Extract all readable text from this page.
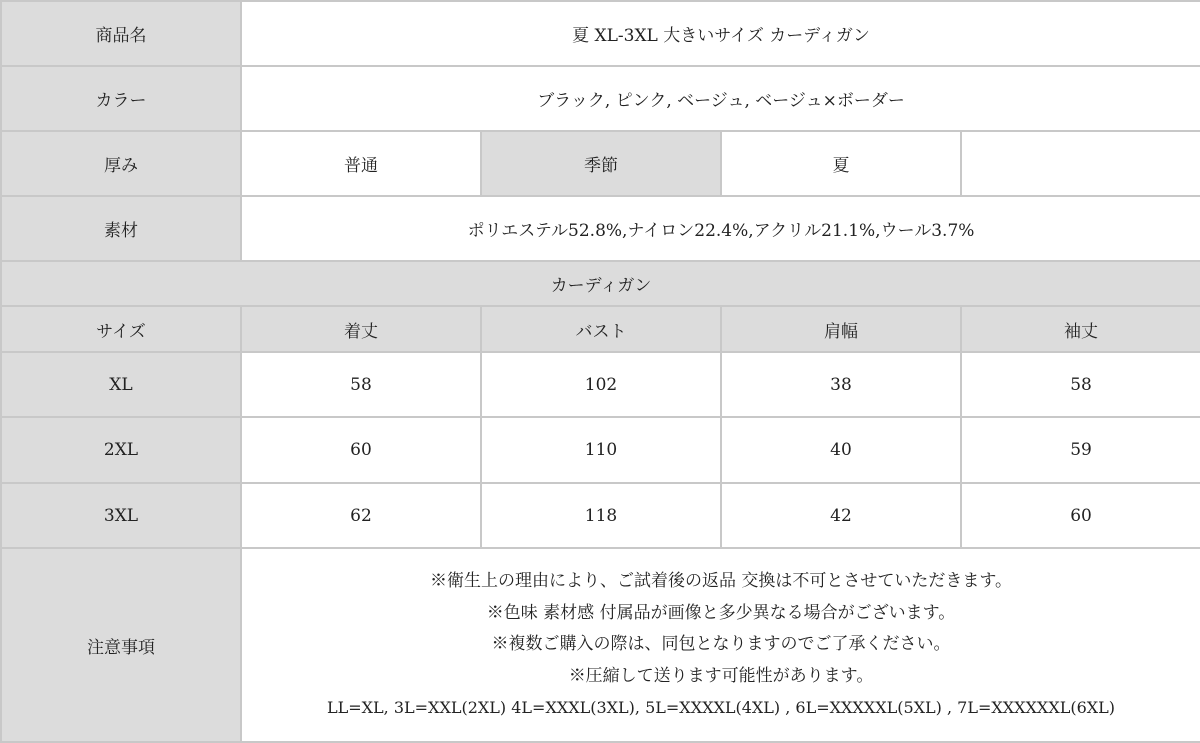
商品名	夏 XL-3XL 大きいサイズ カーディガン			
カラー	ブラック, ピンク, ベージュ, ベージュ×ボーダー			
厚み	普通	季節	夏	
素材	ポリエステル52.8%,ナイロン22.4%,アクリル21.1%,ウール3.7%			
カーディガン				
サイズ	着丈	バスト	肩幅	袖丈
XL	58	102	38	58
2XL	60	110	40	59
3XL	62	118	42	60
注意事項	※衛生上の理由により、ご試着後の返品 交換は不可とさせていただきます。
※色味 素材感 付属品が画像と多少異なる場合がございます。
※複数ご購入の際は、同包となりますのでご了承ください。
※圧縮して送ります可能性があります。
LL=XL, 3L=XXL(2XL) 4L=XXXL(3XL), 5L=XXXXL(4XL) , 6L=XXXXXL(5XL) , 7L=XXXXXXL(6XL)			
